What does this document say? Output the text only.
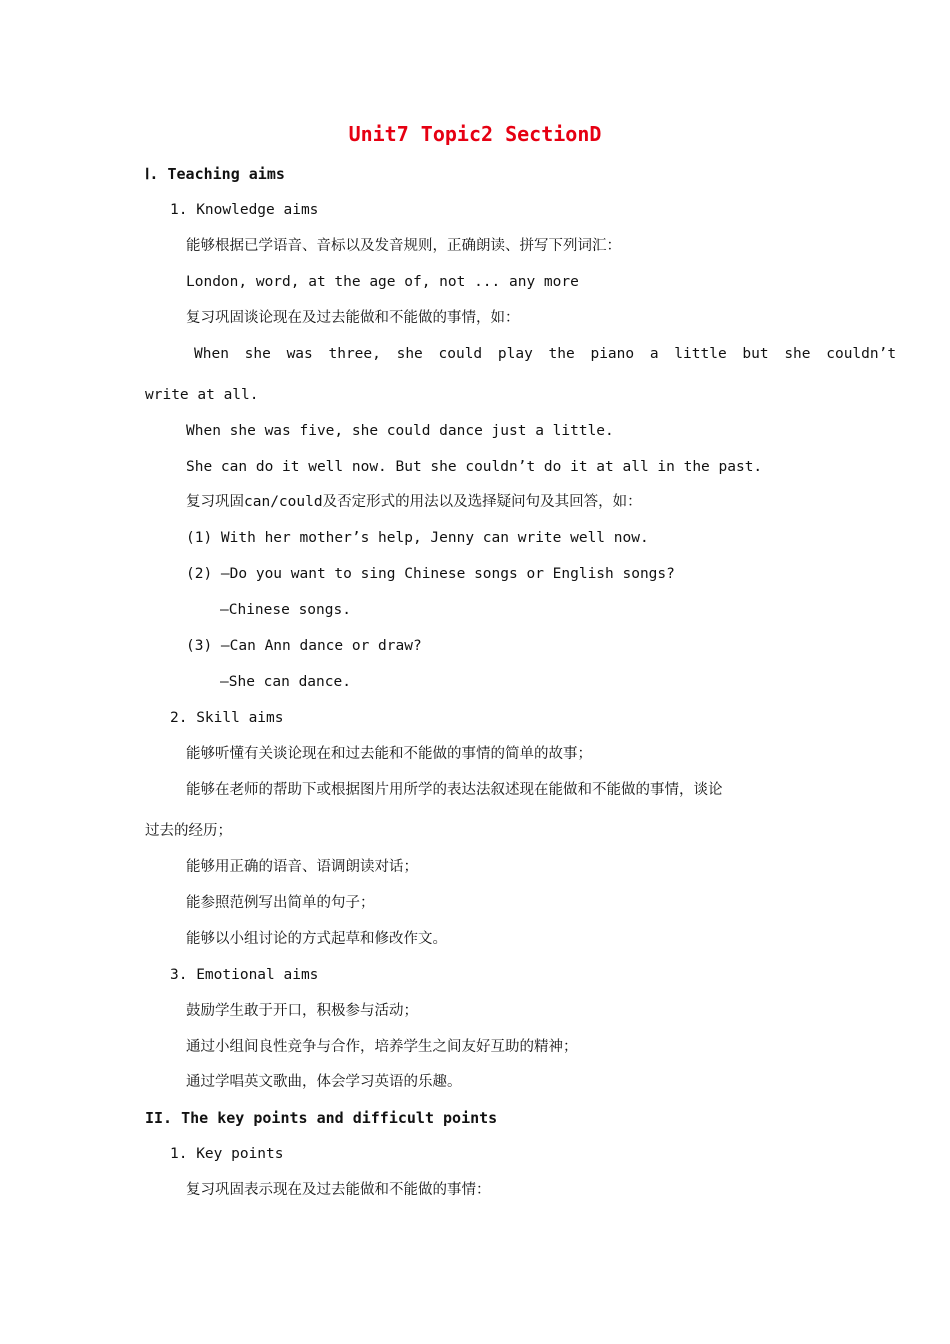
Unit7 Topic2 SectionD
Ⅰ. Teaching aims
1. Knowledge aims
能够根据已学语音、音标以及发音规则，正确朗读、拼写下列词汇：
London, word, at the age of, not ... any more
复习巩固谈论现在及过去能做和不能做的事情，如：
When she was three, she could play the piano a little but she couldn’t
write at all.
When she was five, she could dance just a little.
She can do it well now. But she couldn’t do it at all in the past.
复习巩固can/could及否定形式的用法以及选择疑问句及其回答，如：
(1) With her mother’s help, Jenny can write well now.
(2) —Do you want to sing Chinese songs or English songs?
—Chinese songs.
(3) —Can Ann dance or draw?
—She can dance.
2. Skill aims
能够听懂有关谈论现在和过去能和不能做的事情的简单的故事；
能够在老师的帮助下或根据图片用所学的表达法叙述现在能做和不能做的事情，谈论
过去的经历；
能够用正确的语音、语调朗读对话；
能参照范例写出简单的句子；
能够以小组讨论的方式起草和修改作文。
3. Emotional aims
鼓励学生敢于开口，积极参与活动；
通过小组间良性竞争与合作，培养学生之间友好互助的精神；
通过学唱英文歌曲，体会学习英语的乐趣。
II. The key points and difficult points
1. Key points
复习巩固表示现在及过去能做和不能做的事情：
